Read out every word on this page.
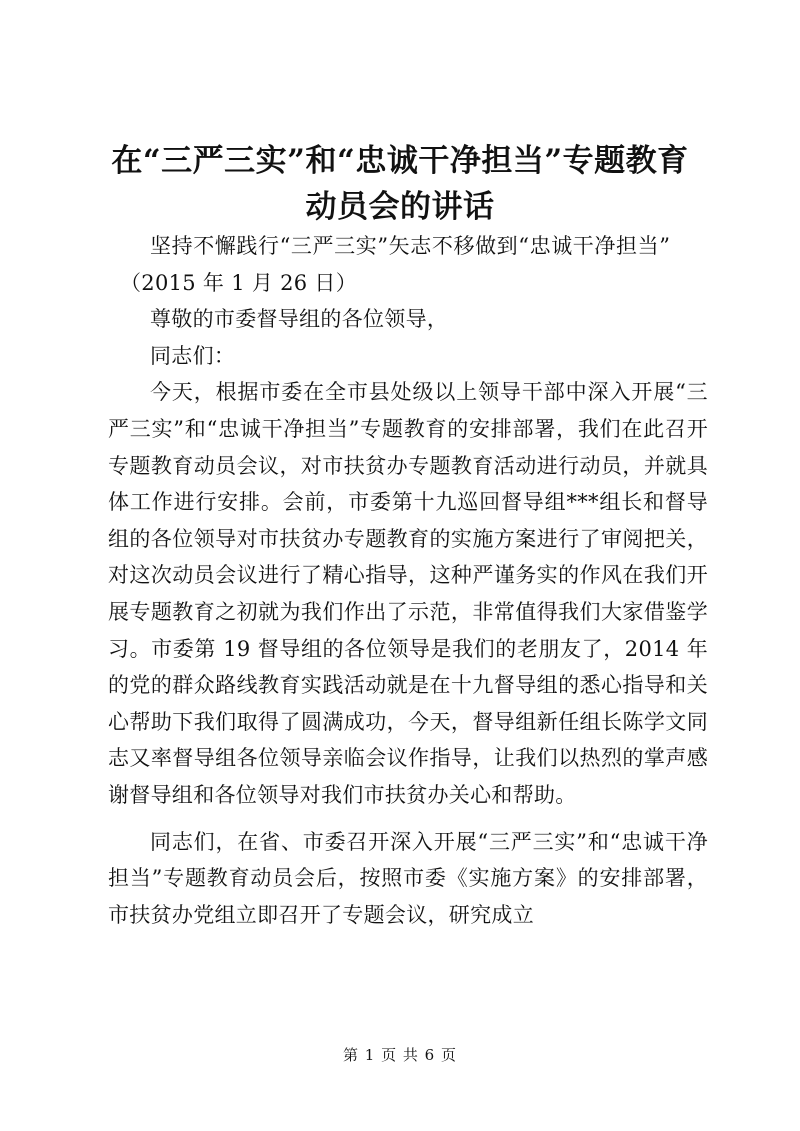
在“三严三实”和“忠诚干净担当”专题教育
动员会的讲话

坚持不懈践行“三严三实”矢志不移做到“忠诚干净担当”

（2015 年 1 月 26 日）

尊敬的市委督导组的各位领导，

同志们：

今天，根据市委在全市县处级以上领导干部中深入开展“三严三实”和“忠诚干净担当”专题教育的安排部署，我们在此召开专题教育动员会议，对市扶贫办专题教育活动进行动员，并就具体工作进行安排。会前，市委第十九巡回督导组***组长和督导组的各位领导对市扶贫办专题教育的实施方案进行了审阅把关，对这次动员会议进行了精心指导，这种严谨务实的作风在我们开展专题教育之初就为我们作出了示范，非常值得我们大家借鉴学习。市委第 19 督导组的各位领导是我们的老朋友了，2014 年的党的群众路线教育实践活动就是在十九督导组的悉心指导和关心帮助下我们取得了圆满成功，今天，督导组新任组长陈学文同志又率督导组各位领导亲临会议作指导，让我们以热烈的掌声感谢督导组和各位领导对我们市扶贫办关心和帮助。

同志们，在省、市委召开深入开展“三严三实”和“忠诚干净担当”专题教育动员会后，按照市委《实施方案》的安排部署，市扶贫办党组立即召开了专题会议，研究成立

第 1 页 共 6 页
